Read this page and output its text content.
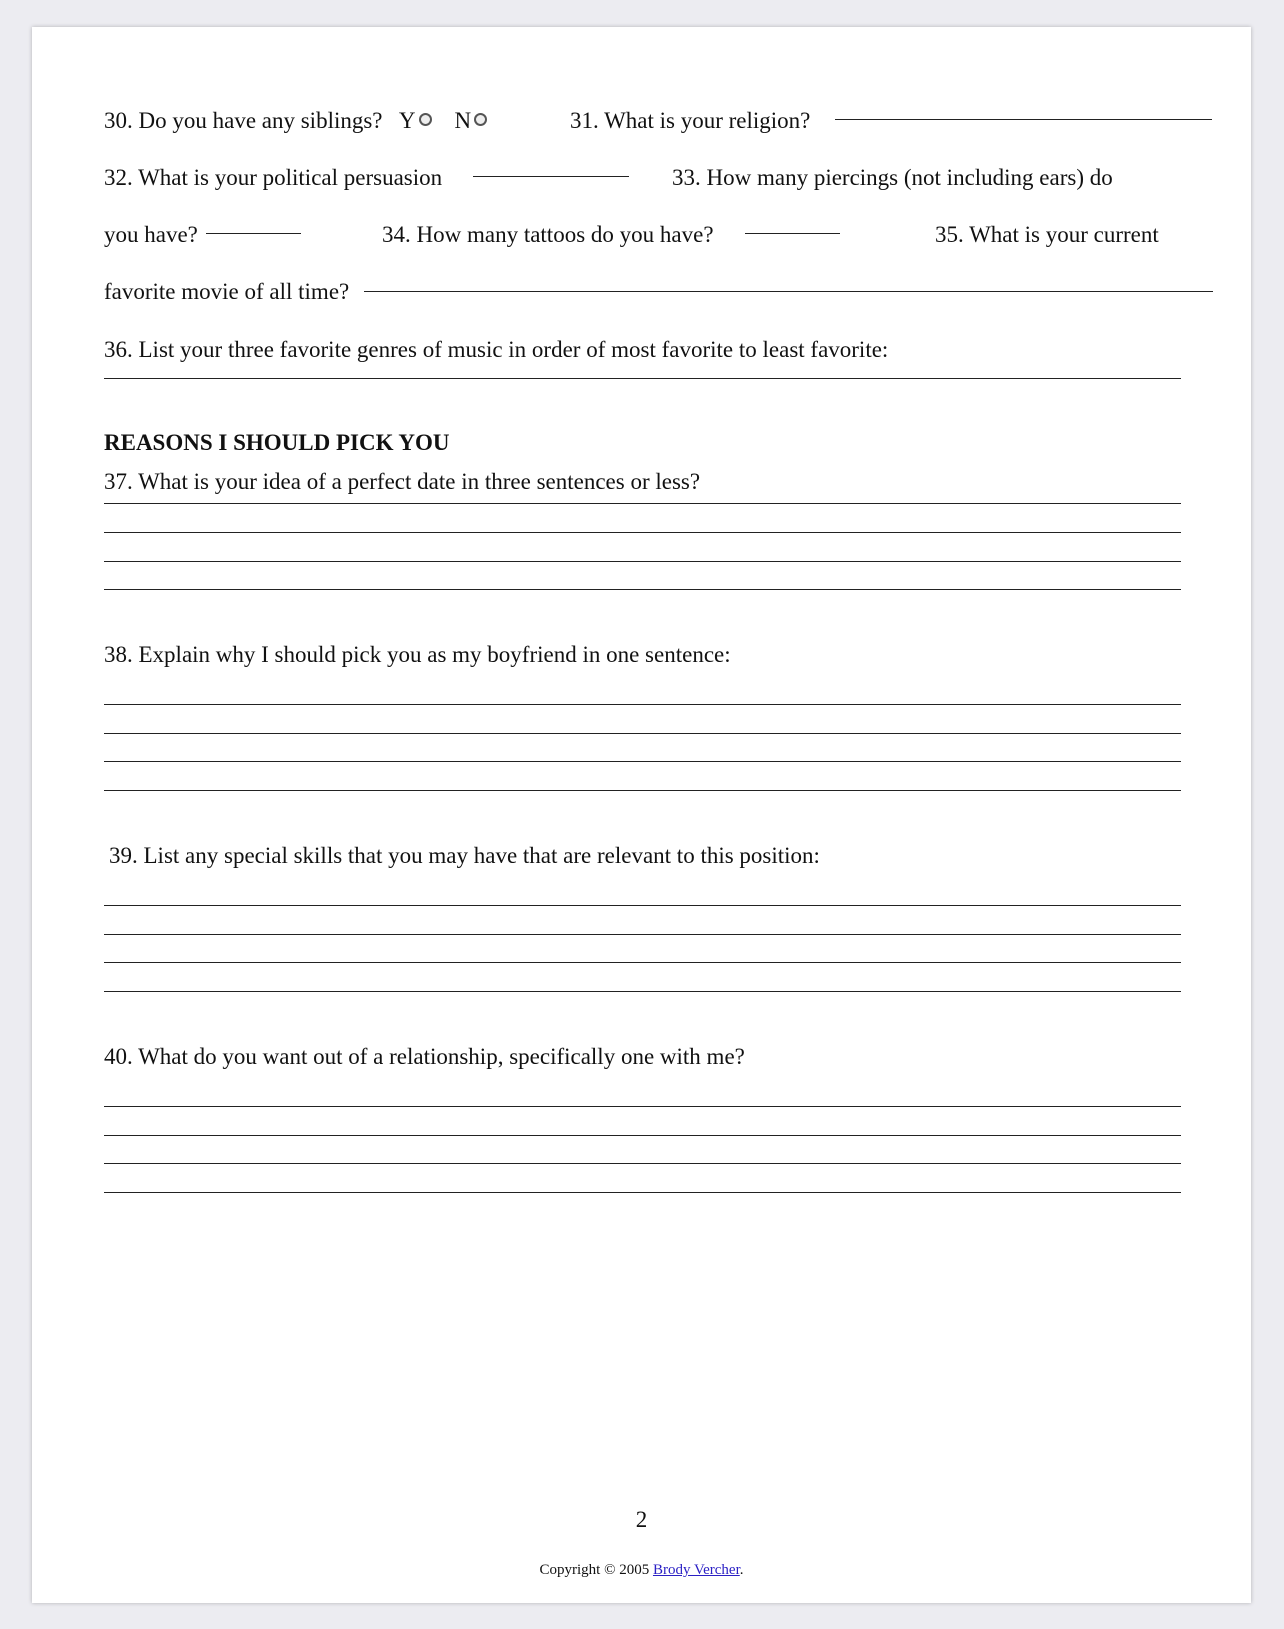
30. Do you have any siblings? Y N	31. What is your religion?
32. What is your political persuasion	33. How many piercings (not including ears) do
you have?	34. How many tattoos do you have?	35. What is your current
favorite movie of all time?
36. List your three favorite genres of music in order of most favorite to least favorite:
REASONS I SHOULD PICK YOU
37. What is your idea of a perfect date in three sentences or less?
38. Explain why I should pick you as my boyfriend in one sentence:
39. List any special skills that you may have that are relevant to this position:
40. What do you want out of a relationship, specifically one with me?
2
Copyright © 2005 Brody Vercher.
